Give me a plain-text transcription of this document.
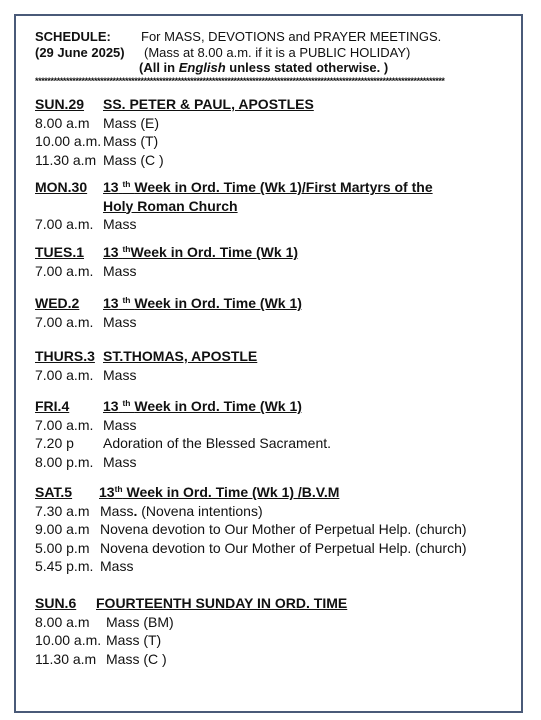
SCHEDULE: For MASS, DEVOTIONS and PRAYER MEETINGS.
(29 June 2025) (Mass at 8.00 a.m. if it is a PUBLIC HOLIDAY)
(All in English unless stated otherwise. )
************************************************************************************************************************************
SUN.29 SS. PETER & PAUL, APOSTLES
8.00 a.m Mass (E)
10.00 a.m. Mass (T)
11.30 a.m Mass (C )
MON.30 13 $^{th}$ Week in Ord. Time (Wk 1)/First Martyrs of the
Holy Roman Church
7.00 a.m. Mass
TUES.1 13 $^{th}$Week in Ord. Time (Wk 1)
7.00 a.m. Mass
WED.2 13 $^{th}$ Week in Ord. Time (Wk 1)
7.00 a.m. Mass
THURS.3 ST.THOMAS, APOSTLE
7.00 a.m. Mass
FRI.4 13 $^{th}$ Week in Ord. Time (Wk 1)
7.00 a.m. Mass
7.20 p Adoration of the Blessed Sacrament.
8.00 p.m. Mass
SAT.5 13th Week in Ord. Time (Wk 1) /B.V.M
7.30 a.m Mass. (Novena intentions)
9.00 a.m Novena devotion to Our Mother of Perpetual Help. (church)
5.00 p.m Novena devotion to Our Mother of Perpetual Help. (church)
5.45 p.m. Mass
SUN.6 FOURTEENTH SUNDAY IN ORD. TIME
8.00 a.m Mass (BM)
10.00 a.m. Mass (T)
11.30 a.m Mass (C )
